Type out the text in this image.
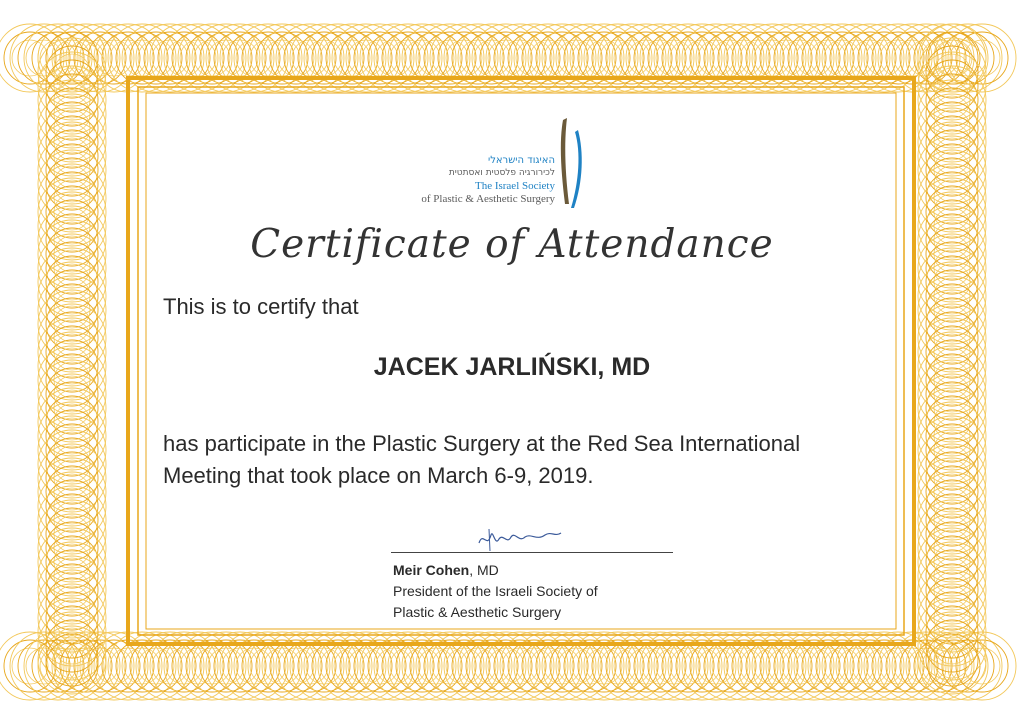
האיגוד הישראלי
לכירורגיה פלסטית ואסתטית
The Israel Society
of Plastic & Aesthetic Surgery
Certificate of Attendance
This is to certify that
JACEK JARLIŃSKI, MD
has participate in the Plastic Surgery at the Red Sea International Meeting that took place on March 6-9, 2019.
Meir Cohen, MD
President of the Israeli Society of
Plastic & Aesthetic Surgery
